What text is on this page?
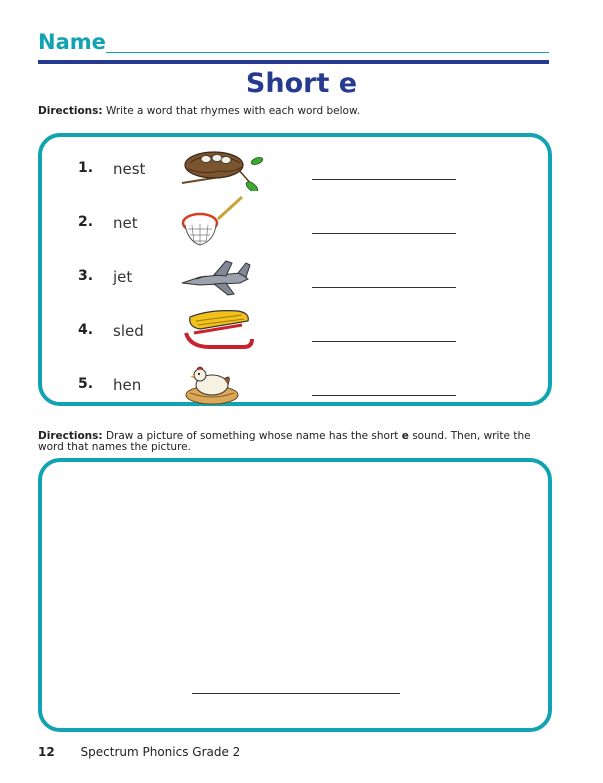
Name
Short e
Directions: Write a word that rhymes with each word below.
1. nest
2. net
3. jet
4. sled
5. hen
Directions: Draw a picture of something whose name has the short e sound. Then, write the word that names the picture.
12 Spectrum Phonics Grade 2
